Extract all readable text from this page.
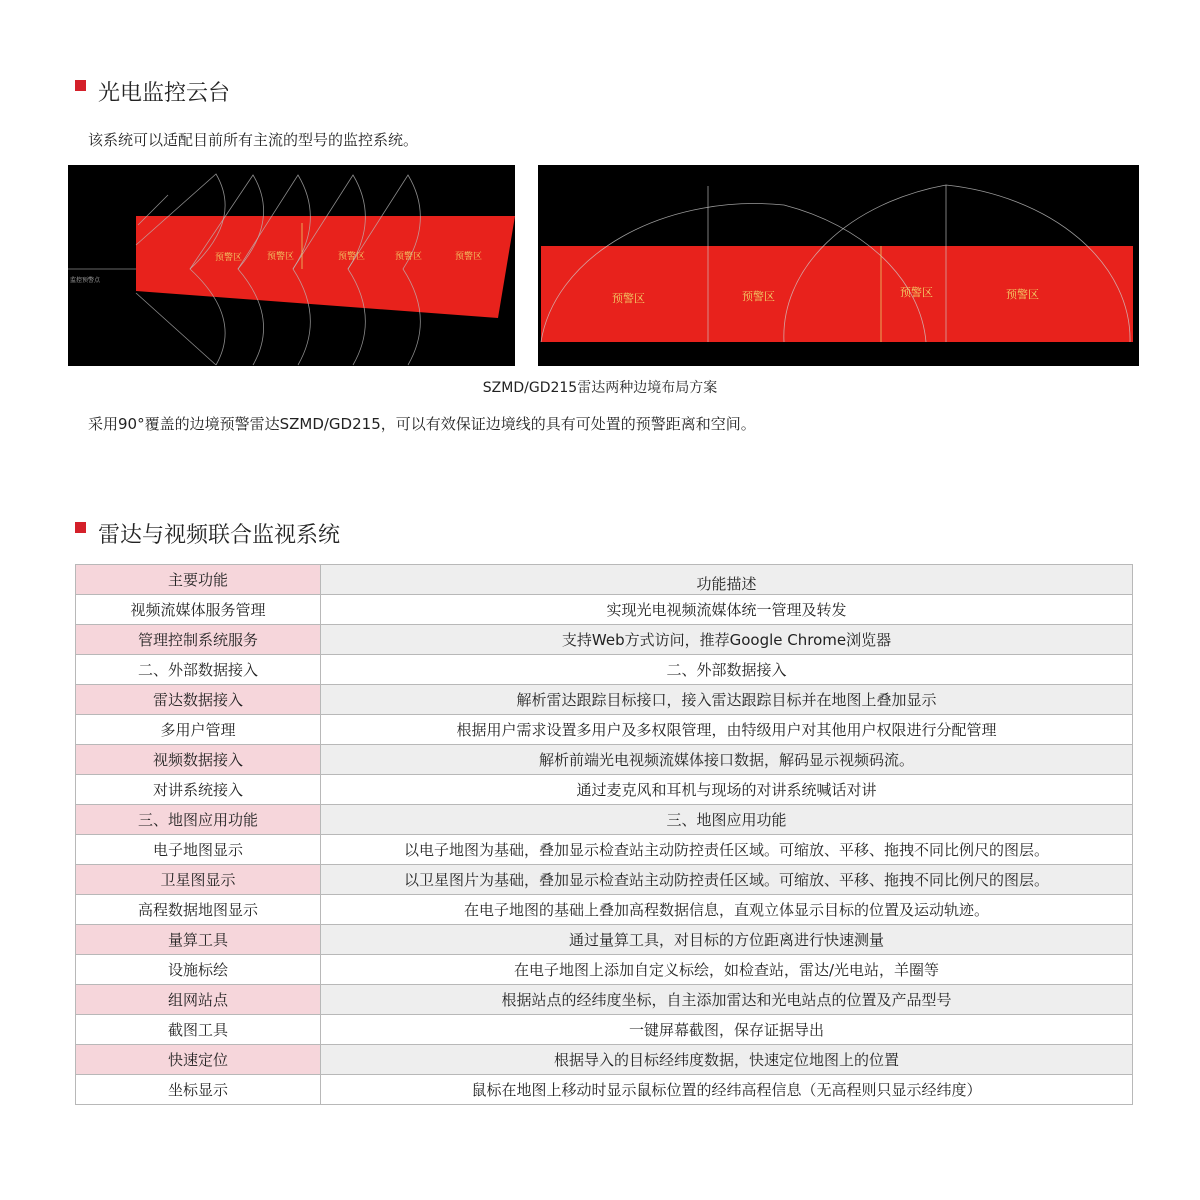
光电监控云台
该系统可以适配目前所有主流的型号的监控系统。
预警区	预警区	预警区	预警区	预警区
监控预警点
预警区	预警区	预警区	预警区
SZMD/GD215雷达两种边境布局方案
采用90°覆盖的边境预警雷达SZMD/GD215，可以有效保证边境线的具有可处置的预警距离和空间。
雷达与视频联合监视系统
主要功能	功能描述
视频流媒体服务管理	实现光电视频流媒体统一管理及转发
管理控制系统服务	支持Web方式访问，推荐Google Chrome浏览器
二、外部数据接入	二、外部数据接入
雷达数据接入	解析雷达跟踪目标接口，接入雷达跟踪目标并在地图上叠加显示
多用户管理	根据用户需求设置多用户及多权限管理，由特级用户对其他用户权限进行分配管理
视频数据接入	解析前端光电视频流媒体接口数据，解码显示视频码流。
对讲系统接入	通过麦克风和耳机与现场的对讲系统喊话对讲
三、地图应用功能	三、地图应用功能
电子地图显示	以电子地图为基础，叠加显示检查站主动防控责任区域。可缩放、平移、拖拽不同比例尺的图层。
卫星图显示	以卫星图片为基础，叠加显示检查站主动防控责任区域。可缩放、平移、拖拽不同比例尺的图层。
高程数据地图显示	在电子地图的基础上叠加高程数据信息，直观立体显示目标的位置及运动轨迹。
量算工具	通过量算工具，对目标的方位距离进行快速测量
设施标绘	在电子地图上添加自定义标绘，如检查站，雷达/光电站，羊圈等
组网站点	根据站点的经纬度坐标，自主添加雷达和光电站点的位置及产品型号
截图工具	一键屏幕截图，保存证据导出
快速定位	根据导入的目标经纬度数据，快速定位地图上的位置
坐标显示	鼠标在地图上移动时显示鼠标位置的经纬高程信息（无高程则只显示经纬度）
